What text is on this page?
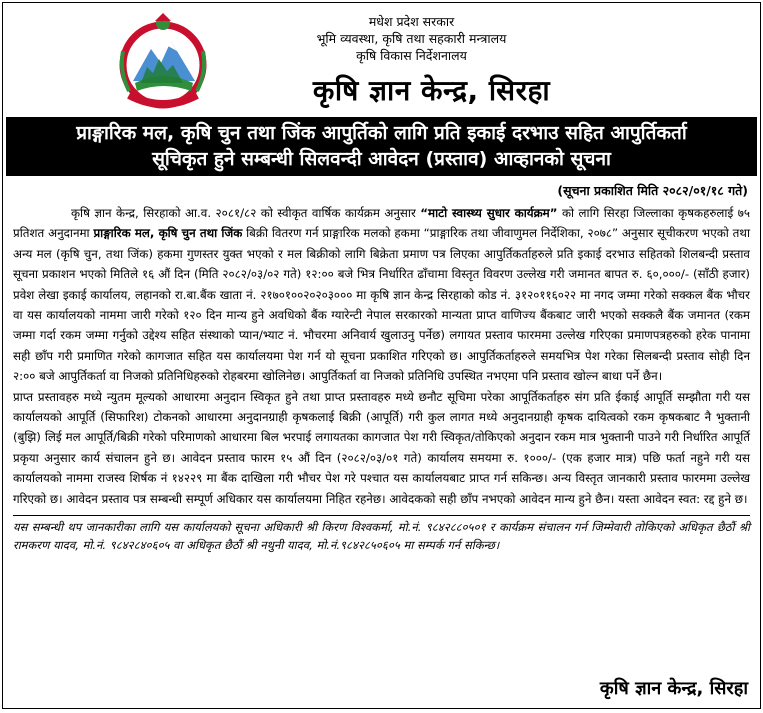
मधेश प्रदेश सरकार
भूमि व्यवस्था, कृषि तथा सहकारी मन्त्रालय
कृषि विकास निर्देशनालय
कृषि ज्ञान केन्द्र, सिरहा
प्राङ्गारिक मल, कृषि चुन तथा जिंक आपुर्तिको लागि प्रति इकाई दरभाउ सहित आपुर्तिकर्ता
सूचिकृत हुने सम्बन्धी सिलवन्दी आवेदन (प्रस्ताव) आव्हानको सूचना
(सूचना प्रकाशित मिति २०८२/०१/१८ गते)

कृषि ज्ञान केन्द्र, सिरहाको आ.व. २०८१/८२ को स्वीकृत वार्षिक कार्यक्रम अनुसार “माटो स्वास्थ्य सुधार कार्यक्रम” को लागि सिरहा जिल्लाका कृषकहरुलाई ७५ प्रतिशत अनुदानमा प्राङ्गारिक मल, कृषि चुन तथा जिंक बिक्री वितरण गर्न प्राङ्गारिक मलको हकमा “प्राङ्गारिक तथा जीवाणुमल निर्देशिका, २०७८” अनुसार सूचीकरण भएको तथा अन्य मल (कृषि चुन, तथा जिंक) हकमा गुणस्तर युक्त भएको र मल बिक्रीको लागि बिक्रेता प्रमाण पत्र लिएका आपुर्तिकर्ताहरुले प्रति इकाई दरभाउ सहितको शिलबन्दी प्रस्ताव सूचना प्रकाशन भएको मितिले १६ औं दिन (मिति २०८२/०३/०२ गते) १२:०० बजे भित्र निर्धारित ढाँचामा विस्तृत विवरण उल्लेख गरी जमानत बापत रु. ६०,०००/- (साँठी हजार) प्रवेश लेखा इकाई कार्यालय, लहानको रा.बा.बैंक खाता नं. २१७०१००२०२०३००० मा कृषि ज्ञान केन्द्र सिरहाको कोड नं. ३१२०११६०२२ मा नगद जम्मा गरेको सक्कल बैंक भौचर वा यस कार्यालयको नाममा जारी गरेको १२० दिन मान्य हुने अवधिको बैंक ग्यारेन्टी नेपाल सरकारको मान्यता प्राप्त वाणिज्य बैंकबाट जारी भएको सक्कलै बैंक जमानत (रकम जम्मा गर्दा रकम जम्मा गर्नुको उद्देश्य सहित संस्थाको प्यान/भ्याट नं. भौचरमा अनिवार्य खुलाउनु पर्नेछ) लगायत प्रस्ताव फारममा उल्लेख गरिएका प्रमाणपत्रहरुको हरेक पानामा सही छाँप गरी प्रमाणित गरेको कागजात सहित यस कार्यालयमा पेश गर्न यो सूचना प्रकाशित गरिएको छ। आपुर्तिकर्ताहरुले समयभित्र पेश गरेका सिलबन्दी प्रस्ताव सोही दिन २:०० बजे आपुर्तिकर्ता वा निजको प्रतिनिधिहरुको रोहबरमा खोलिनेछ। आपुर्तिकर्ता वा निजको प्रतिनिधि उपस्थित नभएमा पनि प्रस्ताव खोल्न बाधा पर्ने छैन।

प्राप्त प्रस्तावहरु मध्ये न्युतम मूल्यको आधारमा अनुदान स्विकृत हुने तथा प्राप्त प्रस्तावहरु मध्ये छनौट सूचिमा परेका आपूर्तिकर्ताहरु संग प्रति ईकाई आपूर्ति सम्झौता गरी यस कार्यालयको आपूर्ति (सिफारिश) टोकनको आधारमा अनुदानग्राही कृषकलाई बिक्री (आपूर्ति) गरी कुल लागत मध्ये अनुदानग्राही कृषक दायित्वको रकम कृषकबाट नै भुक्तानी (बुझि) लिई मल आपूर्ति/बिक्री गरेको परिमाणको आधारमा बिल भरपाई लगायतका कागजात पेश गरी स्विकृत/तोकिएको अनुदान रकम मात्र भुक्तानी पाउने गरी निर्धारित आपूर्ति प्रकृया अनुसार कार्य संचालन हुने छ। आवेदन प्रस्ताव फारम १५ औं दिन (२०८२/०३/०१ गते) कार्यालय समयमा रु. १०००/- (एक हजार मात्र) पछि फर्ता नहुने गरी यस कार्यालयको नाममा राजस्व शिर्षक नं १४२२९ मा बैंक दाखिला गरी भौचर पेश गरे पश्चात यस कार्यालयबाट प्राप्त गर्न सकिन्छ। अन्य विस्तृत जानकारी प्रस्ताव फारममा उल्लेख गरिएको छ। आवेदन प्रस्ताव पत्र सम्बन्धी सम्पूर्ण अधिकार यस कार्यालयमा निहित रहनेछ। आवेदकको सही छाँप नभएको आवेदन मान्य हुने छैन। यस्ता आवेदन स्वत: रद्द हुने छ।

यस सम्बन्धी थप जानकारीका लागि यस कार्यालयको सूचना अधिकारी श्री किरण विश्वकर्मा, मो.नं. ९८४२८८०५०१ र कार्यक्रम संचालन गर्न जिम्मेवारी तोकिएको अधिकृत छैठौं श्री रामकरण यादव, मो.नं. ९८४२८४०६०५ वा अधिकृत छैठौं श्री नथुनी यादव, मो.नं.९८४२८५०६०५ मा सम्पर्क गर्न सकिन्छ।
कृषि ज्ञान केन्द्र, सिरहा
